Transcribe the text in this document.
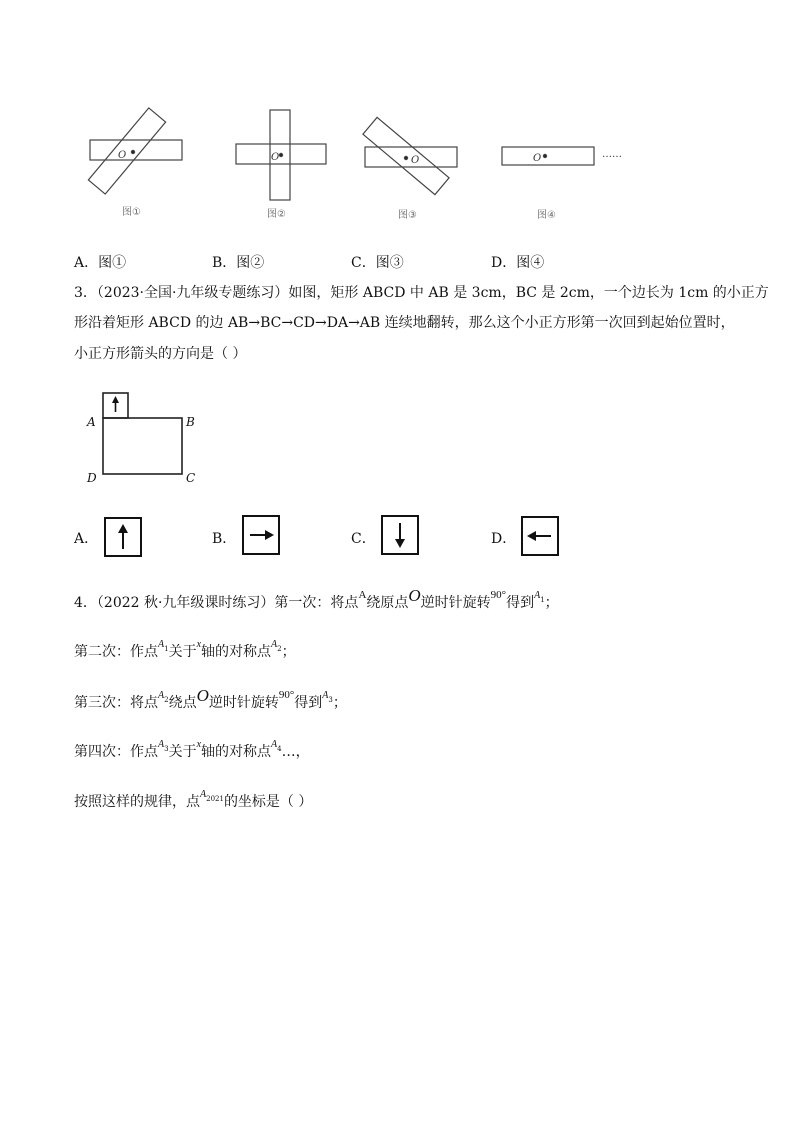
O	O	O	O	……
图①	图②	图③	图④
A．图①	B．图②	C．图③	D．图④
3．（2023·全国·九年级专题练习）如图，矩形 ABCD 中 AB 是 3cm，BC 是 2cm，一个边长为 1cm 的小正方
形沿着矩形 ABCD 的边 AB→BC→CD→DA→AB 连续地翻转，那么这个小正方形第一次回到起始位置时，
小正方形箭头的方向是（ ）
A	B
D	C
A．	B．	C．	D．
4．（2022 秋·九年级课时练习）第一次：将点$^A$绕原点O逆时针旋转$^{90^\circ}$得到$^{A1}$；
第二次：作点$^{A1}$关于$^x$轴的对称点$^{A2}$；
第三次：将点$^{A2}$绕点O逆时针旋转$^{90^\circ}$得到$^{A3}$；
第四次：作点$^{A3}$关于$^x$轴的对称点$^{A4}$…，
按照这样的规律，点$^{A2021}$的坐标是（ ）
